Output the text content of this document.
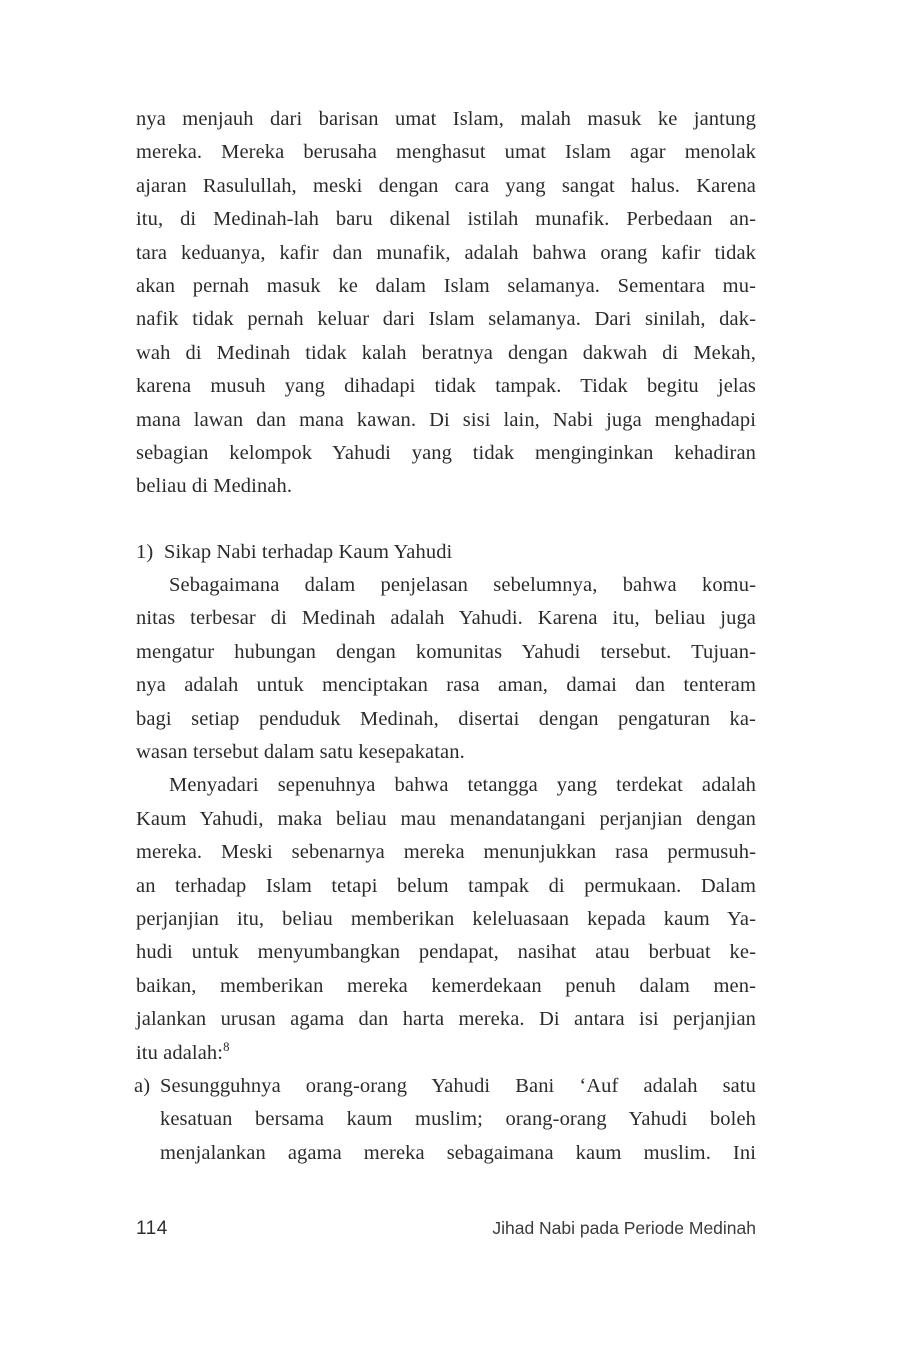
nya menjauh dari barisan umat Islam, malah masuk ke jantung
mereka. Mereka berusaha menghasut umat Islam agar menolak
ajaran Rasulullah, meski dengan cara yang sangat halus. Karena
itu, di Medinah-lah baru dikenal istilah munafik. Perbedaan an-
tara keduanya, kafir dan munafik, adalah bahwa orang kafir tidak
akan pernah masuk ke dalam Islam selamanya. Sementara mu-
nafik tidak pernah keluar dari Islam selamanya. Dari sinilah, dak-
wah di Medinah tidak kalah beratnya dengan dakwah di Mekah,
karena musuh yang dihadapi tidak tampak. Tidak begitu jelas
mana lawan dan mana kawan. Di sisi lain, Nabi juga menghadapi
sebagian kelompok Yahudi yang tidak menginginkan kehadiran
beliau di Medinah.
1) Sikap Nabi terhadap Kaum Yahudi
Sebagaimana dalam penjelasan sebelumnya, bahwa komu-
nitas terbesar di Medinah adalah Yahudi. Karena itu, beliau juga
mengatur hubungan dengan komunitas Yahudi tersebut. Tujuan-
nya adalah untuk menciptakan rasa aman, damai dan tenteram
bagi setiap penduduk Medinah, disertai dengan pengaturan ka-
wasan tersebut dalam satu kesepakatan.
Menyadari sepenuhnya bahwa tetangga yang terdekat adalah
Kaum Yahudi, maka beliau mau menandatangani perjanjian dengan
mereka. Meski sebenarnya mereka menunjukkan rasa permusuh-
an terhadap Islam tetapi belum tampak di permukaan. Dalam
perjanjian itu, beliau memberikan keleluasaan kepada kaum Ya-
hudi untuk menyumbangkan pendapat, nasihat atau berbuat ke-
baikan, memberikan mereka kemerdekaan penuh dalam men-
jalankan urusan agama dan harta mereka. Di antara isi perjanjian
itu adalah:$^8$
a) Sesungguhnya orang-orang Yahudi Bani ‘Auf adalah satu
kesatuan bersama kaum muslim; orang-orang Yahudi boleh
menjalankan agama mereka sebagaimana kaum muslim. Ini
114	Jihad Nabi pada Periode Medinah
